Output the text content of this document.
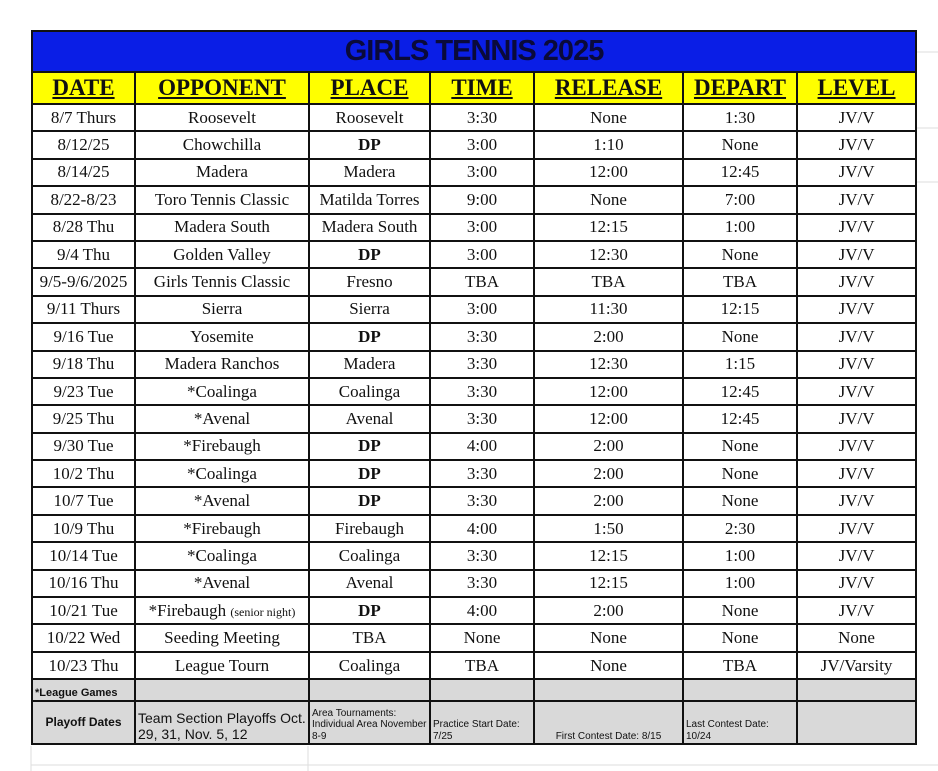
GIRLS TENNIS 2025						
DATE	OPPONENT	PLACE	TIME	RELEASE	DEPART	LEVEL
8/7 Thurs	Roosevelt	Roosevelt	3:30	None	1:30	JV/V
8/12/25	Chowchilla	DP	3:00	1:10	None	JV/V
8/14/25	Madera	Madera	3:00	12:00	12:45	JV/V
8/22-8/23	Toro Tennis Classic	Matilda Torres	9:00	None	7:00	JV/V
8/28 Thu	Madera South	Madera South	3:00	12:15	1:00	JV/V
9/4 Thu	Golden Valley	DP	3:00	12:30	None	JV/V
9/5-9/6/2025	Girls Tennis Classic	Fresno	TBA	TBA	TBA	JV/V
9/11 Thurs	Sierra	Sierra	3:00	11:30	12:15	JV/V
9/16 Tue	Yosemite	DP	3:30	2:00	None	JV/V
9/18 Thu	Madera Ranchos	Madera	3:30	12:30	1:15	JV/V
9/23 Tue	*Coalinga	Coalinga	3:30	12:00	12:45	JV/V
9/25 Thu	*Avenal	Avenal	3:30	12:00	12:45	JV/V
9/30 Tue	*Firebaugh	DP	4:00	2:00	None	JV/V
10/2 Thu	*Coalinga	DP	3:30	2:00	None	JV/V
10/7 Tue	*Avenal	DP	3:30	2:00	None	JV/V
10/9 Thu	*Firebaugh	Firebaugh	4:00	1:50	2:30	JV/V
10/14 Tue	*Coalinga	Coalinga	3:30	12:15	1:00	JV/V
10/16 Thu	*Avenal	Avenal	3:30	12:15	1:00	JV/V
10/21 Tue	*Firebaugh (senior night)	DP	4:00	2:00	None	JV/V
10/22 Wed	Seeding Meeting	TBA	None	None	None	None
10/23 Thu	League Tourn	Coalinga	TBA	None	TBA	JV/Varsity
*League Games						
Playoff Dates	Team Section Playoffs Oct. 29, 31, Nov. 5, 12	Area Tournaments: Individual Area November 8-9	Practice Start Date: 7/25	First Contest Date: 8/15	Last Contest Date: 10/24	
